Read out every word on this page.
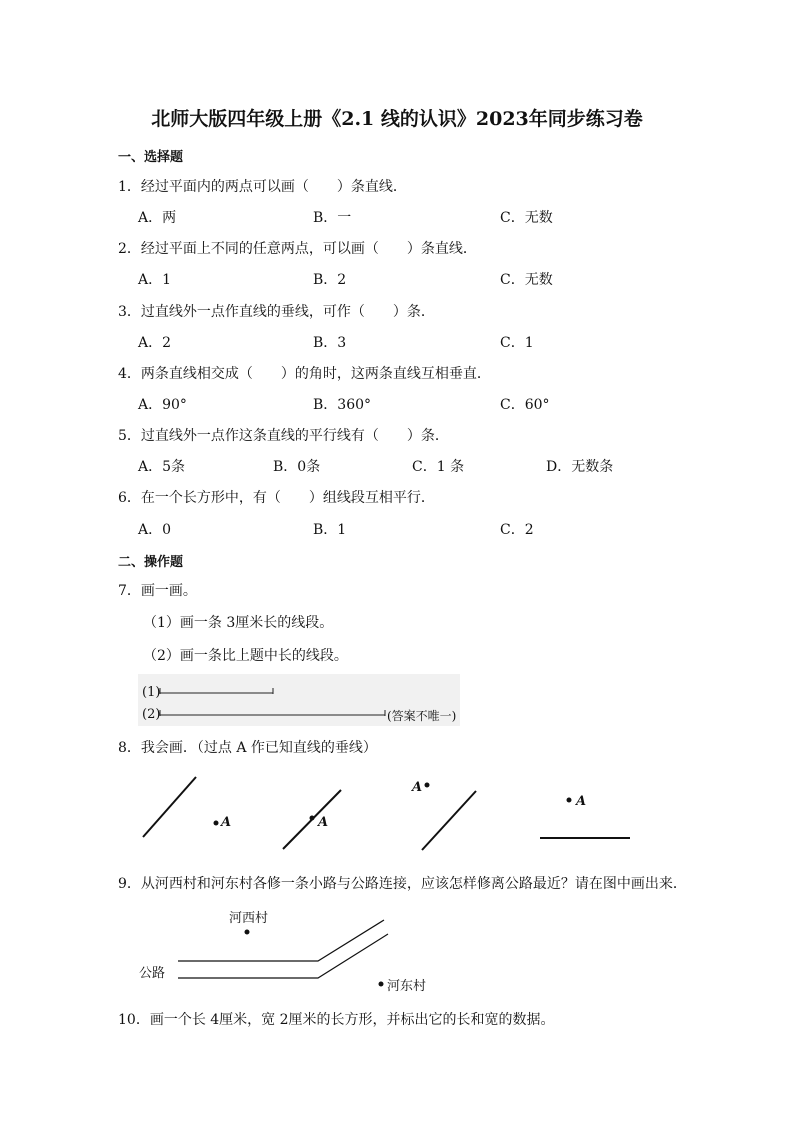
北师大版四年级上册《2.1 线的认识》2023年同步练习卷
一、选择题
1．经过平面内的两点可以画（　　）条直线．
A．两	B．一	C．无数
2．经过平面上不同的任意两点，可以画（　　）条直线．
A．1	B．2	C．无数
3．过直线外一点作直线的垂线，可作（　　）条．
A．2	B．3	C．1
4．两条直线相交成（　　）的角时，这两条直线互相垂直．
A．90°	B．360°	C．60°
5．过直线外一点作这条直线的平行线有（　　）条．
A．5条	B．0条	C．1 条	D．无数条
6．在一个长方形中，有（　　）组线段互相平行．
A．0	B．1	C．2
二、操作题
7．画一画。
（1）画一条 3厘米长的线段。
（2）画一条比上题中长的线段。
(1)
(2)	(答案不唯一)
8．我会画．（过点 A 作已知直线的垂线）
A	A
A
A
9．从河西村和河东村各修一条小路与公路连接，应该怎样修离公路最近？请在图中画出来．
河西村
公路
河东村
10．画一个长 4厘米，宽 2厘米的长方形，并标出它的长和宽的数据。
